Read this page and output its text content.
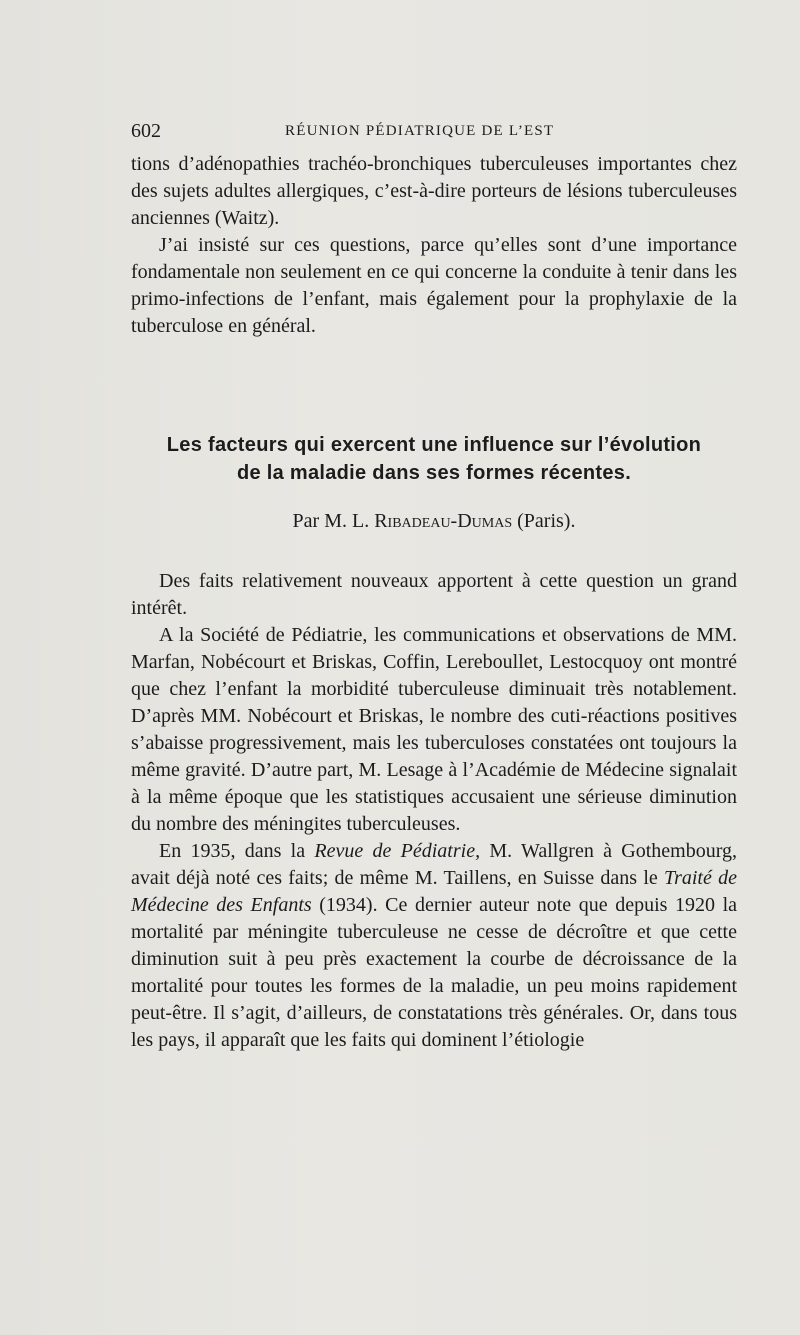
602	RÉUNION PÉDIATRIQUE DE L’EST

tions d’adénopathies trachéo-bronchiques tuberculeuses importantes chez des sujets adultes allergiques, c’est-à-dire porteurs de lésions tuberculeuses anciennes (Waitz).

J’ai insisté sur ces questions, parce qu’elles sont d’une importance fondamentale non seulement en ce qui concerne la conduite à tenir dans les primo-infections de l’enfant, mais également pour la prophylaxie de la tuberculose en général.

Les facteurs qui exercent une influence sur l’évolution
de la maladie dans ses formes récentes.
Par M. L. Ribadeau-Dumas (Paris).

Des faits relativement nouveaux apportent à cette question un grand intérêt.

A la Société de Pédiatrie, les communications et observations de MM. Marfan, Nobécourt et Briskas, Coffin, Lereboullet, Lestocquoy ont montré que chez l’enfant la morbidité tuberculeuse diminuait très notablement. D’après MM. Nobécourt et Briskas, le nombre des cuti-réactions positives s’abaisse progressivement, mais les tuberculoses constatées ont toujours la même gravité. D’autre part, M. Lesage à l’Académie de Médecine signalait à la même époque que les statistiques accusaient une sérieuse diminution du nombre des méningites tuberculeuses.

En 1935, dans la Revue de Pédiatrie, M. Wallgren à Gothembourg, avait déjà noté ces faits; de même M. Taillens, en Suisse dans le Traité de Médecine des Enfants (1934). Ce dernier auteur note que depuis 1920 la mortalité par méningite tuberculeuse ne cesse de décroître et que cette diminution suit à peu près exactement la courbe de décroissance de la mortalité pour toutes les formes de la maladie, un peu moins rapidement peut-être. Il s’agit, d’ailleurs, de constatations très générales. Or, dans tous les pays, il apparaît que les faits qui dominent l’étiologie
